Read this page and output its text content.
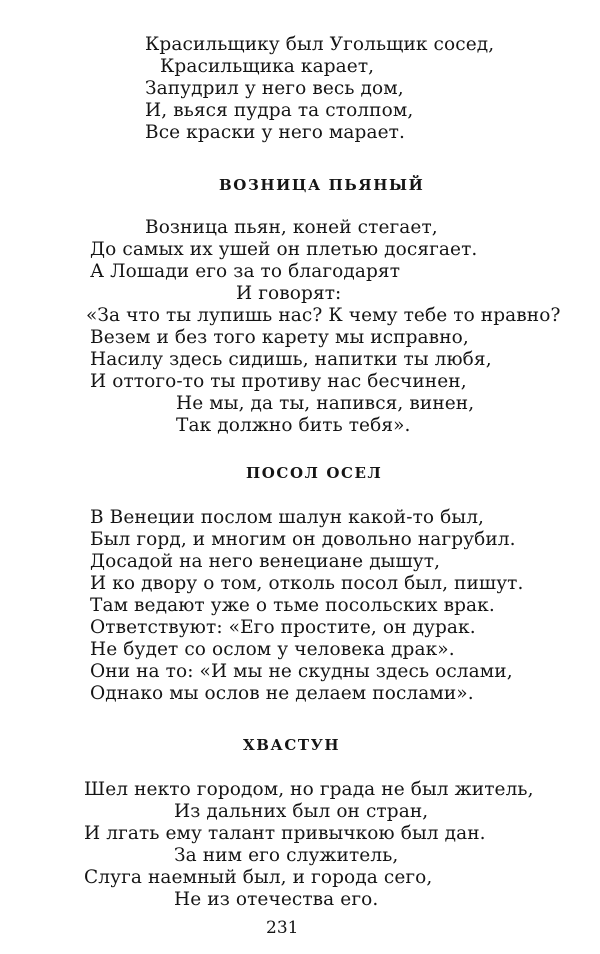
Красильщику был Угольщик сосед,
Красильщика карает,
Запудрил у него весь дом,
И, вьяся пудра та столпом,
Все краски у него марает.
ВОЗНИЦА ПЬЯНЫЙ
Возница пьян, коней стегает,
До самых их ушей он плетью досягает.
А Лошади его за то благодарят
И говорят:
«За что ты лупишь нас? К чему тебе то нравно?
Везем и без того карету мы исправно,
Насилу здесь сидишь, напитки ты любя,
И оттого-то ты противу нас бесчинен,
Не мы, да ты, напився, винен,
Так должно бить тебя».
ПОСОЛ ОСЕЛ
В Венеции послом шалун какой-то был,
Был горд, и многим он довольно нагрубил.
Досадой на него венециане дышут,
И ко двору о том, отколь посол был, пишут.
Там ведают уже о тьме посольских врак.
Ответствуют: «Его простите, он дурак.
Не будет со ослом у человека драк».
Они на то: «И мы не скудны здесь ослами,
Однако мы ослов не делаем послами».
ХВАСТУН
Шел некто городом, но града не был житель,
Из дальних был он стран,
И лгать ему талант привычкою был дан.
За ним его служитель,
Слуга наемный был, и города сего,
Не из отечества его.
231
